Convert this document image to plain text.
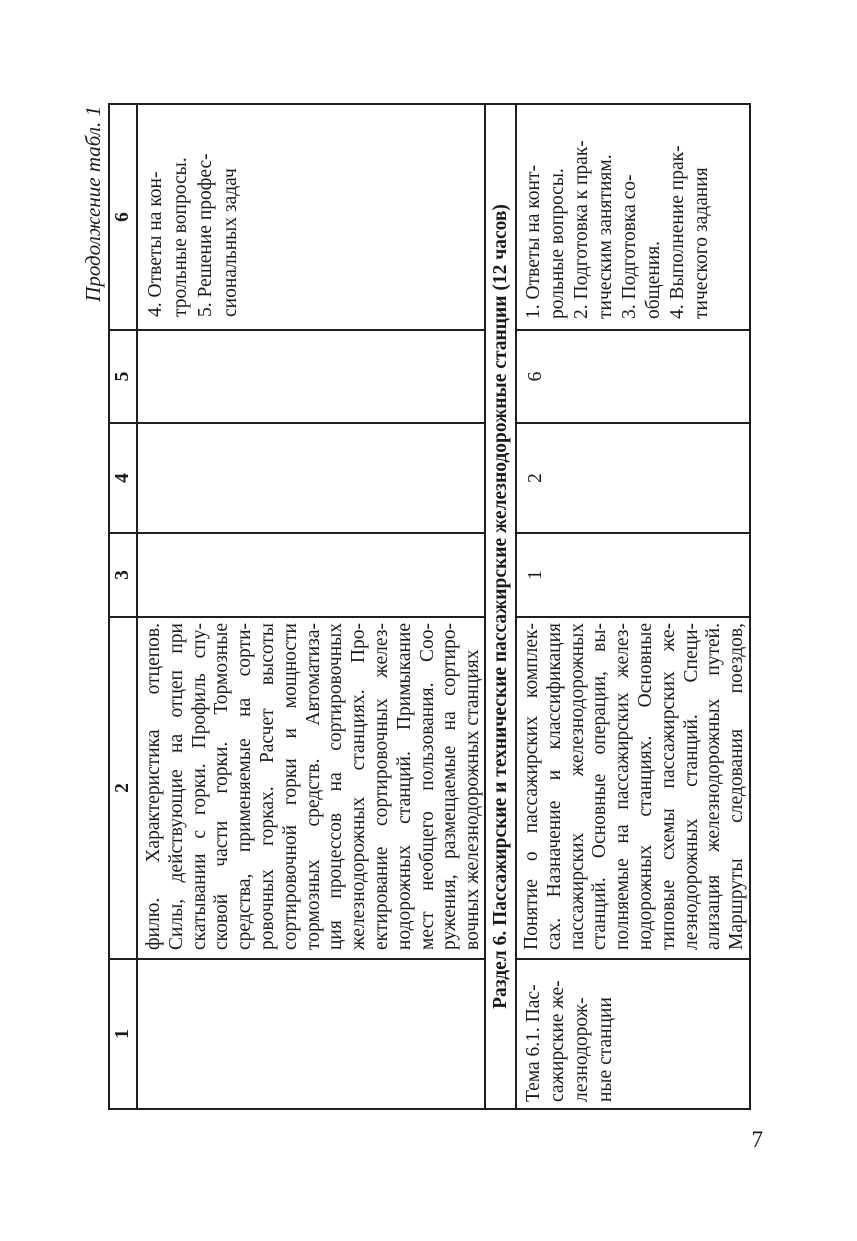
Продолжение табл. 1
1
2
3
4
5
6
филю. Характеристика отцепов. Силы, действующие на отцеп при скатывании с горки. Профиль спу- сковой части горки. Тормозные средства, применяемые на сорти- ровочных горках. Расчет высоты сортировочной горки и мощности тормозных средств. Автоматиза- ция процессов на сортировочных железнодорожных станциях. Про- ектирование сортировочных желез- нодорожных станций. Примыкание мест необщего пользования. Соо- ружения, размещаемые на сортиро- вочных железнодорожных станциях
4. Ответы на кон- трольные вопросы. 5. Решение профес- сиональных задач	Раздел 6. Пассажирские и технические пассажирские железнодорожные станции (12 часов)
Тема 6.1. Пас- сажирские же- лезнодорож- ные станции
Понятие о пассажирских комплек- сах. Назначение и классификация пассажирских железнодорожных станций. Основные операции, вы- полняемые на пассажирских желез- нодорожных станциях. Основные типовые схемы пассажирских же- лезнодорожных станций. Специ- ализация железнодорожных путей. Маршруты следования поездов,
1
2
6
1. Ответы на конт- рольные вопросы. 2. Подготовка к прак- тическим занятиям. 3. Подготовка со- общения. 4. Выполнение прак- тического задания
7
